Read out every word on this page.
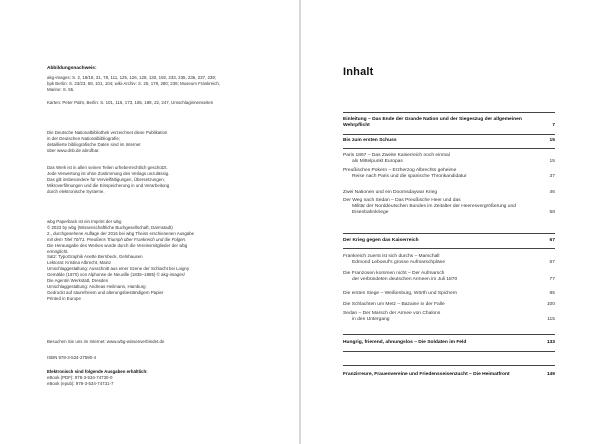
Abbildungsnachweis:

akg-images: S. 2, 18/19, 31, 78, 111, 125, 126, 128, 130, 192, 233, 235, 236, 237, 239;

bpk Berlin: S. 23/23, 58, 101, 104; wiki-Archiv: S. 25, 178, 280; 239; Museum Frankreich,

Marine: S. 55.

Karten: Peter Palm, Berlin: S. 101, 116, 173, 185, 188, 22, 247, Umschlaginnenseiten

Die Deutsche Nationalbibliothek verzeichnet diese Publikation

in der Deutschen Nationalbibliografie;

detaillierte bibliografische Daten sind im Internet

über www.dnb.de abrufbar.

Das Werk ist in allen seinen Teilen urheberrechtlich geschützt.

Jede Verwertung ist ohne Zustimmung des Verlags unzulässig.

Das gilt insbesondere für Vervielfältigungen, Übersetzungen,

Mikroverfilmungen und die Einspeicherung in und Verarbeitung

durch elektronische Systeme.

wbg Paperback ist ein Imprint der wbg

© 2023 by wbg (Wissenschaftliche Buchgesellschaft, Darmstadt)

2., durchgesehene Auflage der 2016 bei wbg Theiss erschienenen Ausgabe

mit dem Titel 70/71. Preußens Triumph über Frankreich und die Folgen.

Die Herausgabe des Werkes wurde durch die Vereinsmitglieder der wbg

ermöglicht.

Satz: TypoGraphik Anette Bernbeck, Gelnhausen

Lektorat: Kristina Albrecht, Mainz

Umschlaggestaltung: Ausschnitt aus einer Szene der Schlacht bei Loigny

Gemälde (1870) von Alphonse de Neuville (1835–1885) © akg-images/

Die Agentin Werkstatt, Dresden

Umschlaggestaltung: Andreas Heilmann, Hamburg

Gedruckt auf säurefreiem und alterungsbeständigem Papier

Printed in Europe

Besuchen Sie uns im Internet: www.wbg-wissenverbindet.de

ISBN 978-3-534-27590-4

Elektronisch sind folgende Ausgaben erhältlich:

eBook (PDF): 978-3-534-74730-0

eBook (epub): 978-3-534-74731-7

Inhalt
Einleitung – Das Ende der Grande Nation und der Siegeszug der allgemeinen Wehrpflicht	7
Bis zum ersten Schuss	15
Paris 1867 – Das Zweite Kaiserreich noch einmal
als Mittelpunkt Europas	15
Preußisches Pokern – Erzherzog Albrechts geheime
Reise nach Paris und die spanische Thronkandidatur	37
Zwei Nationen und ein Doomsdaywar Krieg	46
Der Weg nach Sedan – Das Preußische Heer und das
Militär der Norddeutschen Bundes im Zeitalter der Heeresvergrößerung und Eisenbahnkriege	58
Der Krieg gegen das Kaiserreich	67
Frankreich zuerst ist sich durchs – Marschall
Edmond Leboeuf's grosse Aufmarschpläne	67
Die Franzosen kommen nicht – Der Aufmarsch
der verbündeten deutschen Armeen im Juli 1870	77
Die ersten Siege – Weißenburg, Wörth und Spichern	85
Die Schlachten um Metz – Bazaine in der Falle	100
Sedan – Der Marsch der Armee von Chalons
in den Untergang	115
Hungrig, frierend, ahnungslos – Die Soldaten im Feld	133
Franzirreure, Frauenvereine und Friedensseisenzucht – Die Heimatfront	149
